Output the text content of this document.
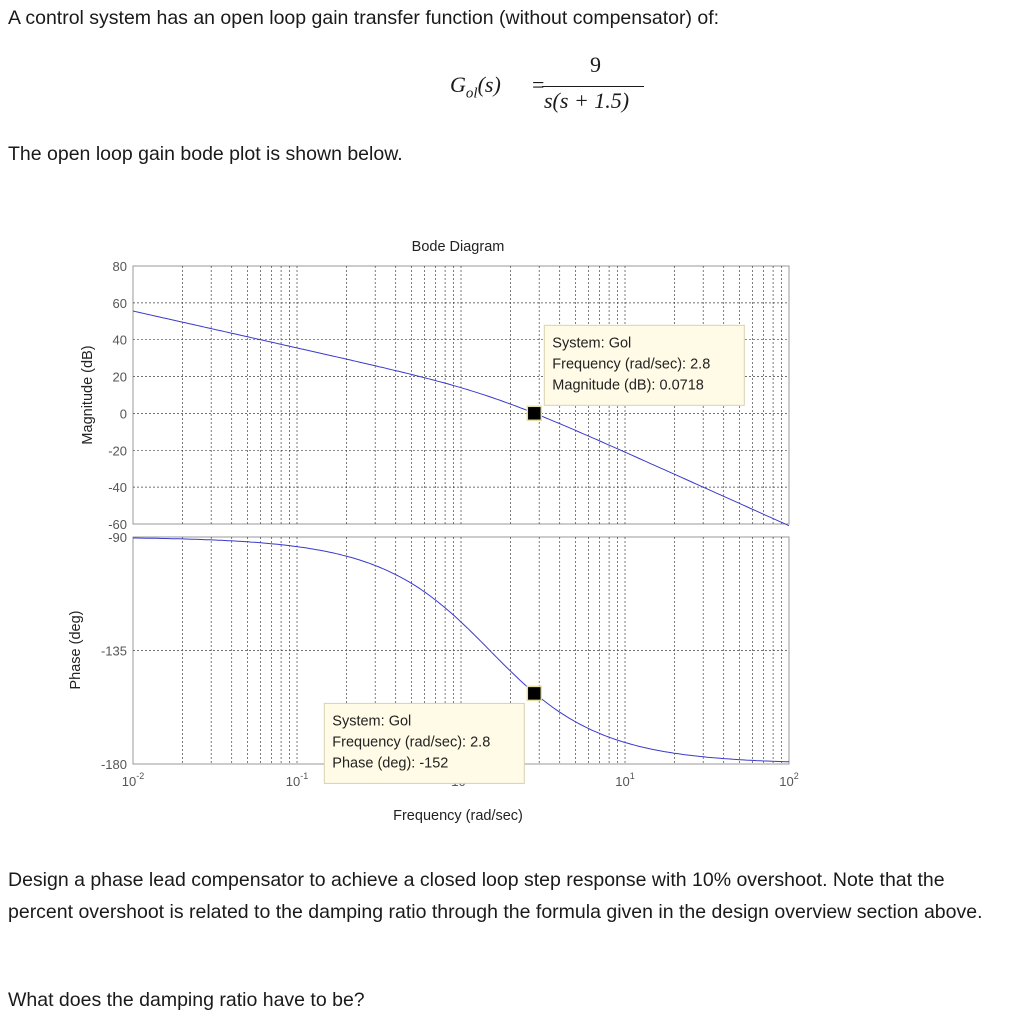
A control system has an open loop gain transfer function (without compensator) of:

$G_{ol}(s)$ =
9
s(s + 1.5)

The open loop gain bode plot is shown below.

Bode Diagram
80
60
40
20
0
-20
-40
-60
-90
-135
-180
$10^{-2}$	$10^{-1}$	$10^1$	$10^2$
Magnitude (dB)
Phase (deg)
Frequency (rad/sec)
System: Gol
Frequency (rad/sec): 2.8
Magnitude (dB): 0.0718
System: Gol
Frequency (rad/sec): 2.8
Phase (deg): -152

Design a phase lead compensator to achieve a closed loop step response with 10% overshoot. Note that the percent overshoot is related to the damping ratio through the formula given in the design overview section above.

What does the damping ratio have to be?
